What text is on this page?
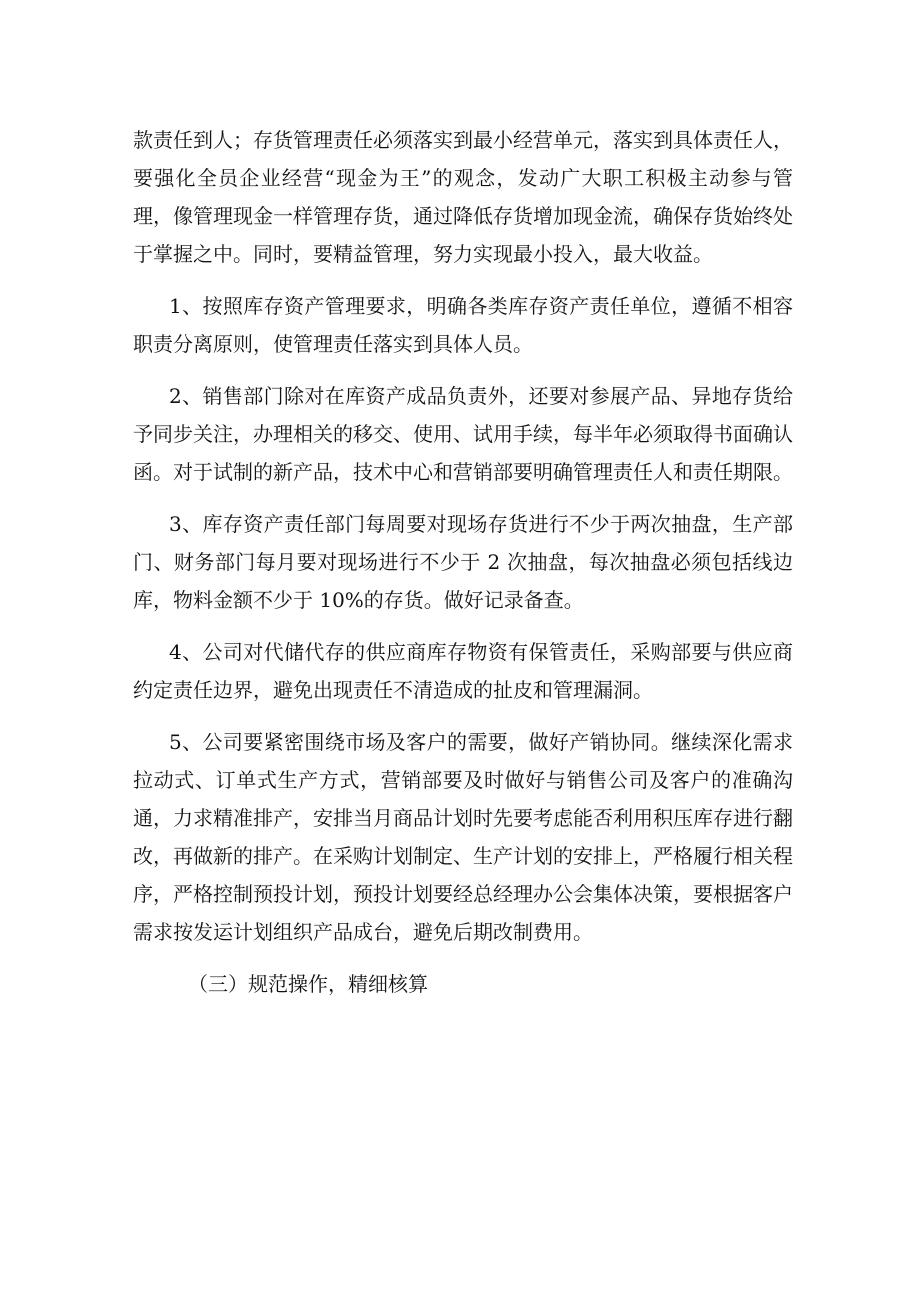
款责任到人；存货管理责任必须落实到最小经营单元，落实到具体责任人，要强化全员企业经营“现金为王”的观念，发动广大职工积极主动参与管理，像管理现金一样管理存货，通过降低存货增加现金流，确保存货始终处于掌握之中。同时，要精益管理，努力实现最小投入，最大收益。

1、按照库存资产管理要求，明确各类库存资产责任单位，遵循不相容职责分离原则，使管理责任落实到具体人员。

2、销售部门除对在库资产成品负责外，还要对参展产品、异地存货给予同步关注，办理相关的移交、使用、试用手续，每半年必须取得书面确认函。对于试制的新产品，技术中心和营销部要明确管理责任人和责任期限。

3、库存资产责任部门每周要对现场存货进行不少于两次抽盘，生产部门、财务部门每月要对现场进行不少于 2 次抽盘，每次抽盘必须包括线边库，物料金额不少于 10%的存货。做好记录备查。

4、公司对代储代存的供应商库存物资有保管责任，采购部要与供应商约定责任边界，避免出现责任不清造成的扯皮和管理漏洞。

5、公司要紧密围绕市场及客户的需要，做好产销协同。继续深化需求拉动式、订单式生产方式，营销部要及时做好与销售公司及客户的准确沟通，力求精准排产，安排当月商品计划时先要考虑能否利用积压库存进行翻改，再做新的排产。在采购计划制定、生产计划的安排上，严格履行相关程序，严格控制预投计划，预投计划要经总经理办公会集体决策，要根据客户需求按发运计划组织产品成台，避免后期改制费用。

（三）规范操作，精细核算
